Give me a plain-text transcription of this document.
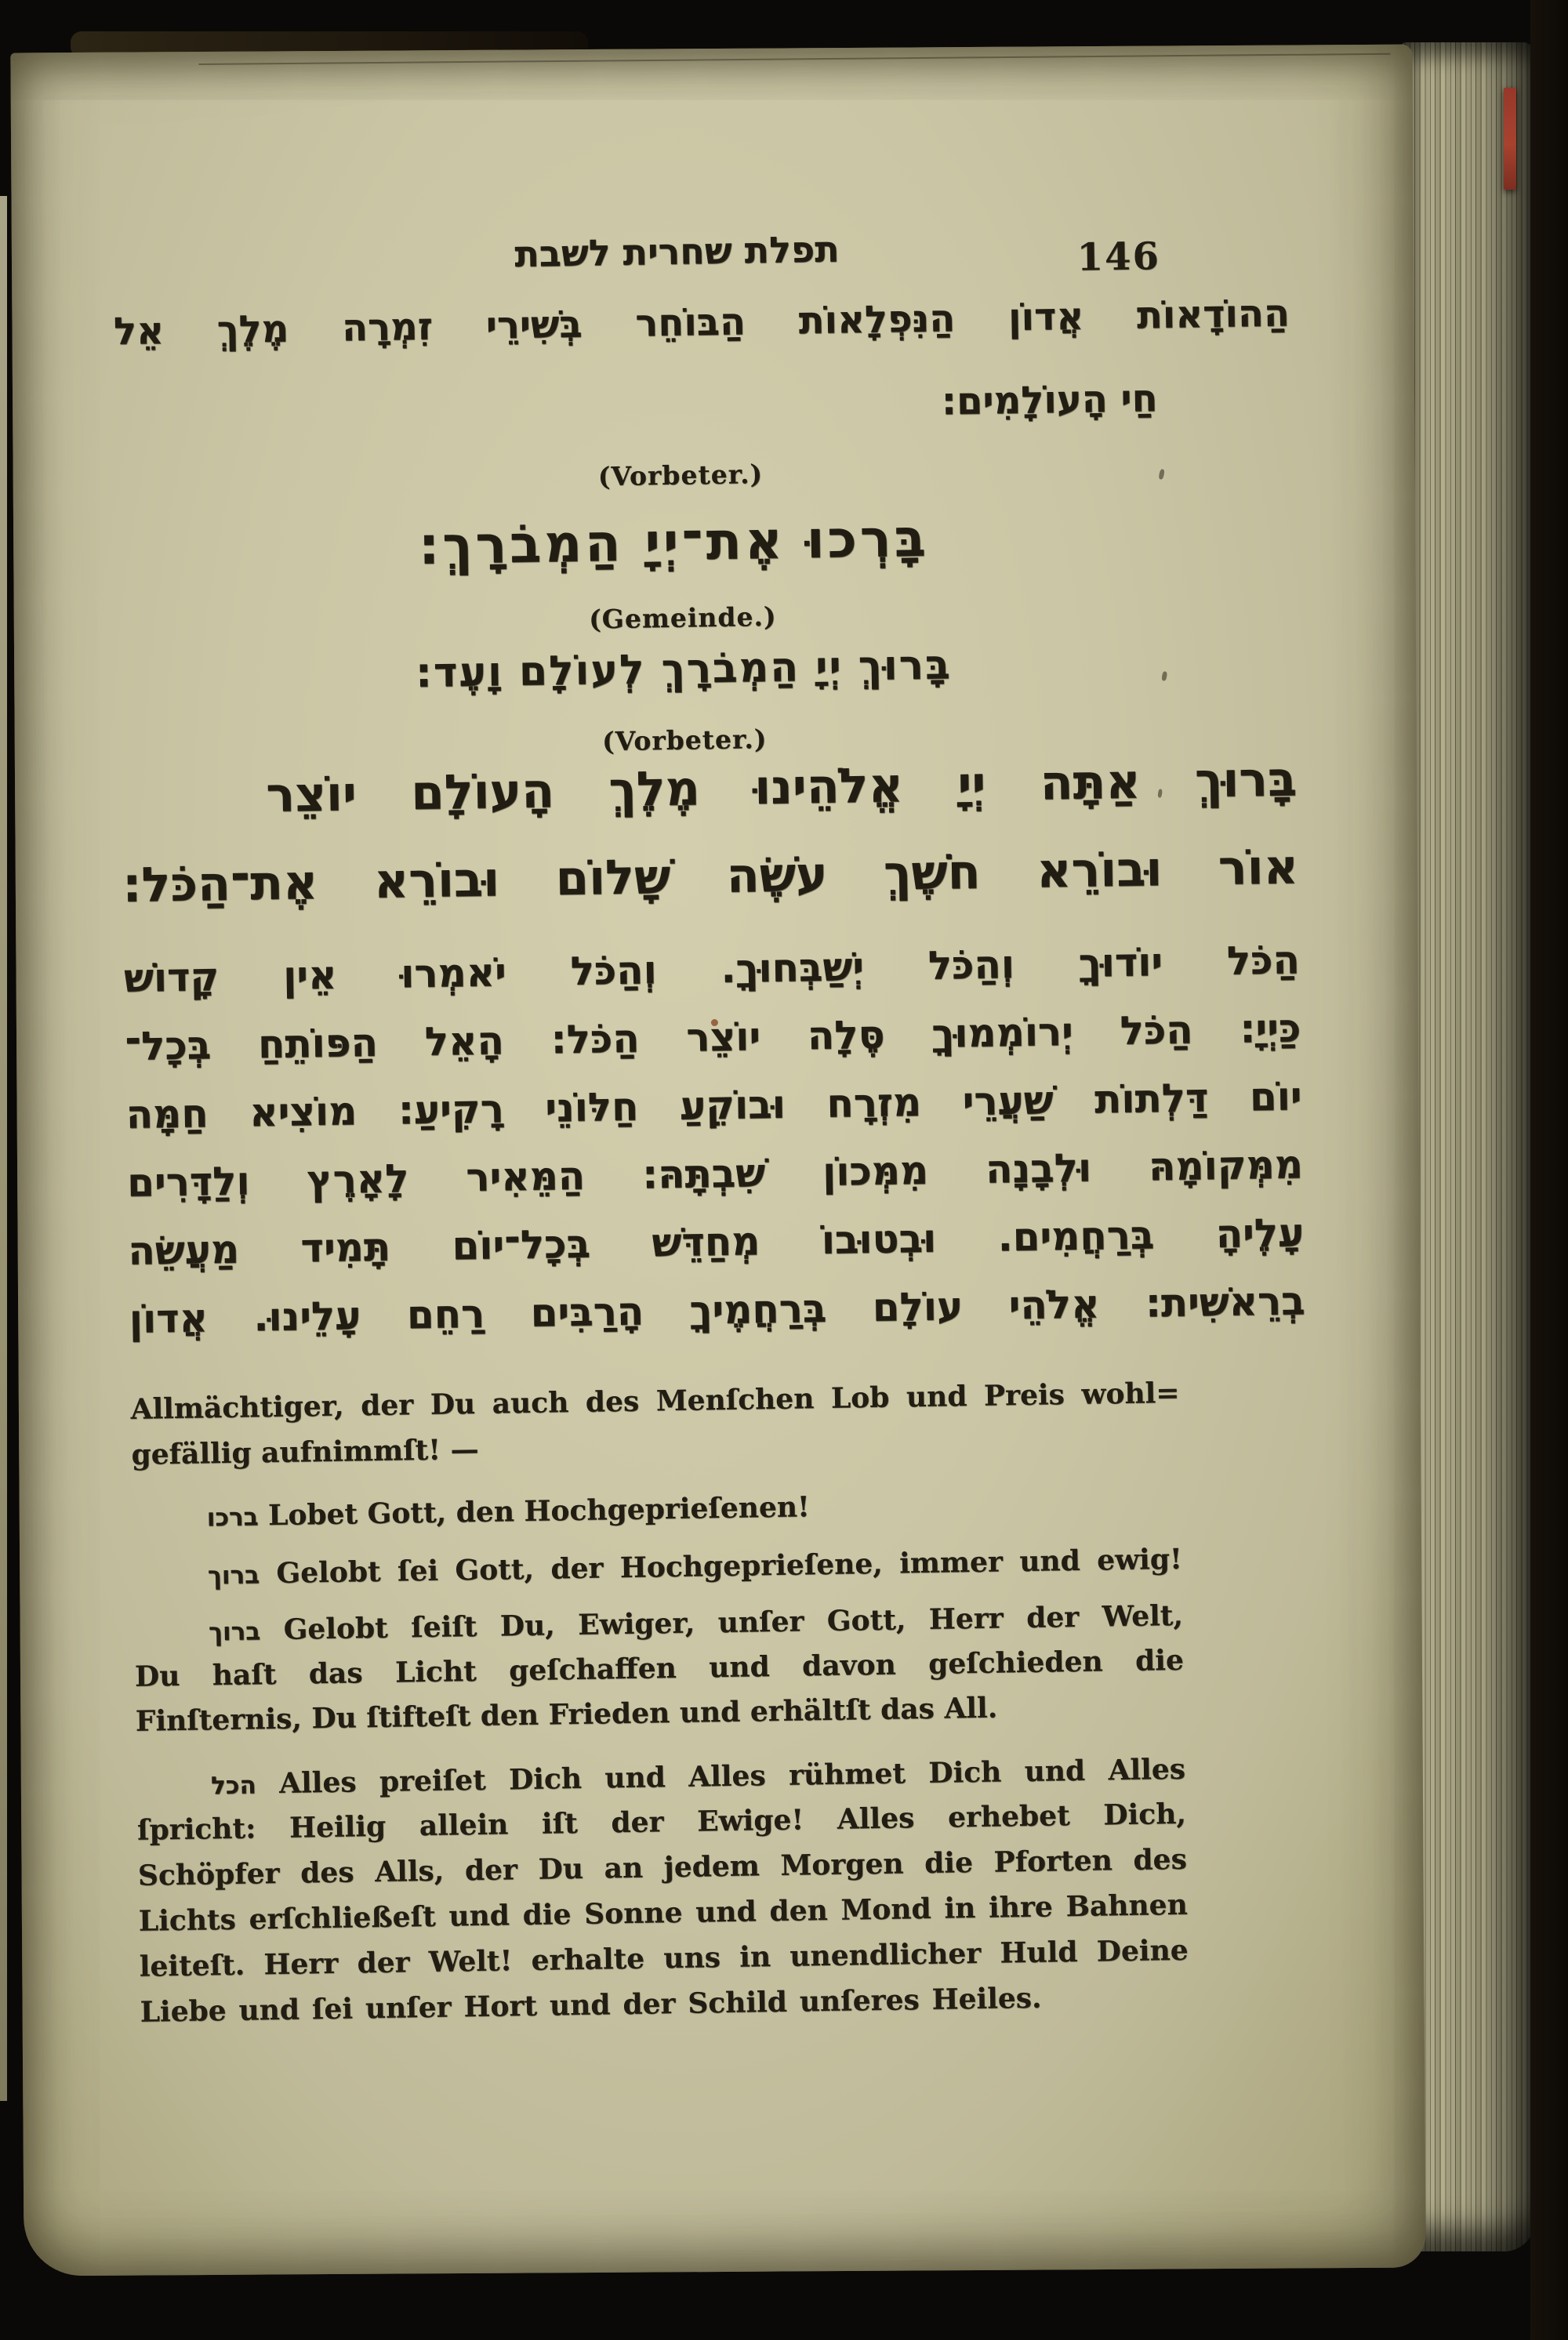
תפלת שחרית לשבת	146
הַהוֹדָאוֹת אֲדוֹן הַנִּפְלָאוֹת הַבּוֹחֵר בְּשִׁירֵי זִמְרָה מֶלֶךְ אֵל
חַי הָעוֹלָמִים:
(Vorbeter.)
בָּרְכוּ אֶת־יְיָ הַמְבֹרָךְ:
(Gemeinde.)
בָּרוּךְ יְיָ הַמְבֹרָךְ לְעוֹלָם וָעֶד:
(Vorbeter.)
בָּרוּךְ אַתָּה יְיָ אֱלֹהֵינוּ מֶלֶךְ הָעוֹלָם יוֹצֵר
אוֹר וּבוֹרֵא חֹשֶׁךְ עֹשֶׂה שָׁלוֹם וּבוֹרֵא אֶת־הַכֹּל:
הַכֹּל יוֹדוּךָ וְהַכֹּל יְשַׁבְּחוּךָ. וְהַכֹּל יֹאמְרוּ אֵין קָדוֹשׁ
כַּיְיָ: הַכֹּל יְרוֹמְמוּךָ סֶּלָה יוֹצֵר הַכֹּל: הָאֵל הַפּוֹתֵחַ בְּכָל־
יוֹם דַּלְתוֹת שַׁעֲרֵי מִזְרָח וּבוֹקֵעַ חַלּוֹנֵי רָקִיעַ: מוֹצִיא חַמָּה
מִמְּקוֹמָהּ וּלְבָנָה מִמְּכוֹן שִׁבְתָּהּ: הַמֵּאִיר לָאָרֶץ וְלַדָּרִים
עָלֶיהָ בְּרַחֲמִים. וּבְטוּבוֹ מְחַדֵּשׁ בְּכָל־יוֹם תָּמִיד מַעֲשֵׂה
בְרֵאשִׁית: אֱלֹהֵי עוֹלָם בְּרַחֲמֶיךָ הָרַבִּים רַחֵם עָלֵינוּ. אֲדוֹן
Allmächtiger, der Du auch des Menſchen Lob und Preis wohl=
gefällig aufnimmſt! —
ברכו Lobet Gott, den Hochgeprieſenen!
ברוך Gelobt ſei Gott, der Hochgeprieſene, immer und ewig!
ברוך Gelobt ſeiſt Du, Ewiger, unſer Gott, Herr der Welt,
Du haſt das Licht geſchaffen und davon geſchieden die
Finſternis, Du ſtifteſt den Frieden und erhältſt das All.
הכל Alles preiſet Dich und Alles rühmet Dich und Alles
ſpricht: Heilig allein iſt der Ewige! Alles erhebet Dich,
Schöpfer des Alls, der Du an jedem Morgen die Pforten des
Lichts erſchließeſt und die Sonne und den Mond in ihre Bahnen
leiteſt. Herr der Welt! erhalte uns in unendlicher Huld Deine
Liebe und ſei unſer Hort und der Schild unſeres Heiles.
